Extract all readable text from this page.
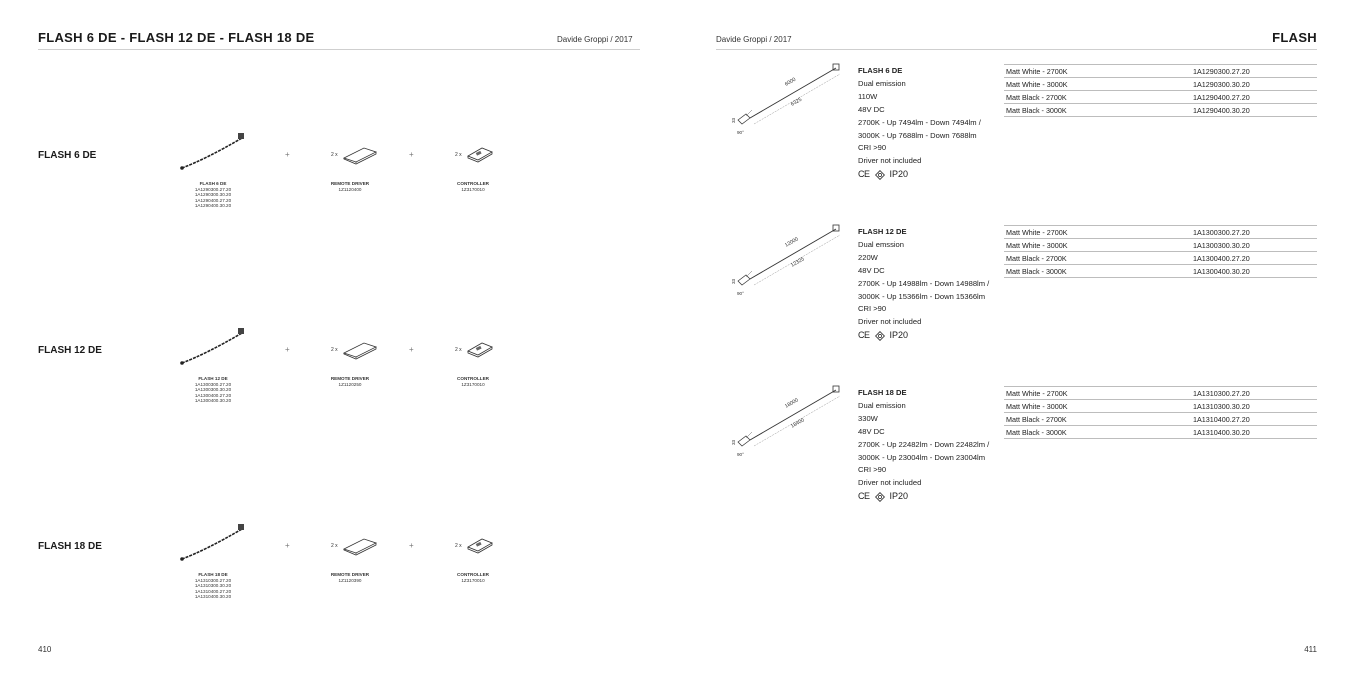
FLASH 6 DE - FLASH 12 DE - FLASH 18 DE	Davide Groppi / 2017
FLASH 6 DE
FLASH 6 DE
1A1290300.27.20
1A1290300.30.20
1A1290400.27.20
1A1290400.30.20
+	2 x
REMOTE DRIVER
1Z1120400
+	2 x
CONTROLLER
1Z3170010
FLASH 12 DE
FLASH 12 DE
1A1300300.27.20
1A1300300.30.20
1A1300400.27.20
1A1300400.30.20
+	2 x
REMOTE DRIVER
1Z1120250
+	2 x
CONTROLLER
1Z3170010
FLASH 18 DE
FLASH 18 DE
1A1310300.27.20
1A1310300.30.20
1A1310400.27.20
1A1310400.30.20
+	2 x
REMOTE DRIVER
1Z1120390
+	2 x
CONTROLLER
1Z3170010
410
Davide Groppi / 2017	FLASH
6000
6325
33
90°
FLASH 6 DE
Dual emission
110W
48V DC
2700K - Up 7494lm - Down 7494lm /
3000K - Up 7688lm - Down 7688lm
CRI >90
Driver not included
CE IP20
Matt White - 2700K	1A1290300.27.20
Matt White - 3000K	1A1290300.30.20
Matt Black - 2700K	1A1290400.27.20
Matt Black - 3000K	1A1290400.30.20
12000
12325
33
90°
FLASH 12 DE
Dual emssion
220W
48V DC
2700K - Up 14988lm - Down 14988lm /
3000K - Up 15366lm - Down 15366lm
CRI >90
Driver not included
CE IP20
Matt White - 2700K	1A1300300.27.20
Matt White - 3000K	1A1300300.30.20
Matt Black - 2700K	1A1300400.27.20
Matt Black - 3000K	1A1300400.30.20
18000
18400
33
90°
FLASH 18 DE
Dual emission
330W
48V DC
2700K - Up 22482lm - Down 22482lm /
3000K - Up 23004lm - Down 23004lm
CRI >90
Driver not included
CE IP20
Matt White - 2700K	1A1310300.27.20
Matt White - 3000K	1A1310300.30.20
Matt Black - 2700K	1A1310400.27.20
Matt Black - 3000K	1A1310400.30.20
411
